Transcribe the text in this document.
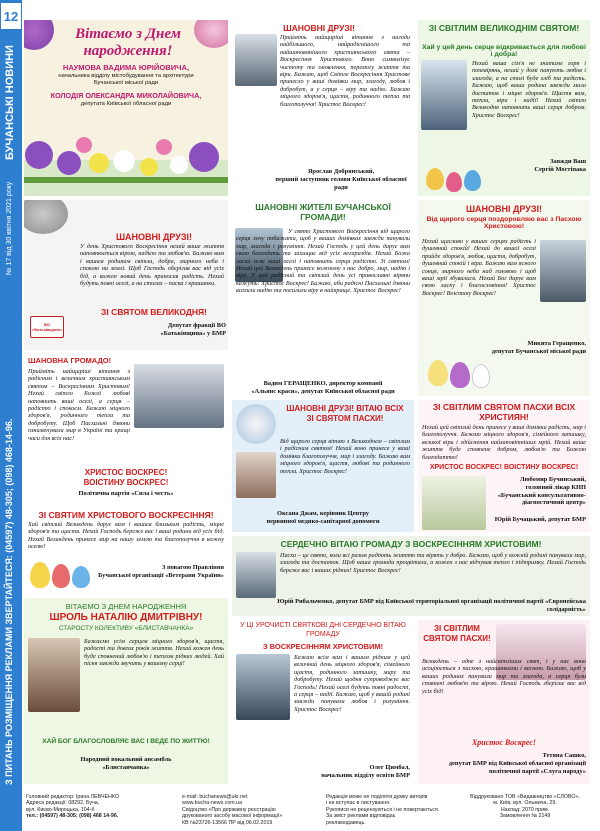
12
БУЧАНСЬКІ НОВИНИ
№ 17 від 30 квітня 2021 року
З ПИТАНЬ РОЗМІЩЕННЯ РЕКЛАМИ ЗВЕРТАЙТЕСЯ: (04597) 48-305; (098) 468-14-96.

Вітаємо з Днем народження!

НАУМОВА ВАДИМА ЮРІЙОВИЧА,

начальника відділу містобудування та архітектури Бучанської міської ради

КОЛОДІЯ ОЛЕКСАНДРА МИКОЛАЙОВИЧА,

депутата Київської обласної ради

ШАНОВНІ ДРУЗІ!

Прийміть найщиріші вітання з нагоди найбільшого, найрадіснішого та найшанованішого християнського свята – Воскресіння Христового. Воно символізує чистоту та оновлення, перемогу життя та віри. Бажаю, щоб Світле Воскресіння Христове принесло у ваші домівки мир, злагоду, любов і добробут, а у серця – віру та надію. Бажаю міцного здоров'я, щастя, родинного тепла та благополуччя! Христос Воскрес!

Ярослав Добрянський,

перший заступник голови Київської обласної ради

ЗІ СВІТЛИМ ВЕЛИКОДНІМ СВЯТОМ!

Хай у цей день серце відкривається для любові і добра!

Нехай ваша сім'я не знатиме горя і поневірянь, нехай у домі панують любов і злагода, а на столі буде хліб та радість. Бажаю, щоб ваша родина завжди мала достаток і міцне здоров'я. Щастя вам, тепла, віри і надії! Нехай світло Великодня наповнить ваші серця добром. Христос Воскрес!

Завжди Ваш

Сергій Мостіпака

ШАНОВНІ ДРУЗІ!

У день Христового Воскресіння нехай ваше життя наповнюється вірою, надією та любов'ю. Бажаю вам і вашим родинам світла, добра, мирного неба і спокою на землі. Щоб Господь оберігав вас від усіх бід, а кожен новий день приносив радість. Нехай будуть повні оселі, а на столах – паска і крашанки.

ЗІ СВЯТОМ ВЕЛИКОДНЯ!

ВО «Батьківщина»

Депутат фракції ВО «Батьківщина» у БМР

ШАНОВНІ ЖИТЕЛІ БУЧАНСЬКОЇ ГРОМАДИ!

У свято Христового Воскресіння від щирого серця хочу побажати, щоб у ваших домівках завжди панували мир, злагода і розуміння. Нехай Господь у цей день дарує вам свою благодать та захищає від усіх негараздів. Нехай Божа ласка осяє ваші оселі і наповнить серця радістю. Зі святом! Нехай цей Великдень принесе кожному з нас добро, мир, надію і віру. У цей радісний та світлий день усі православні віряни кажуть: Христос Воскрес! Бажаю, аби радісні Пасхальні дзвони вселили надію та посилили віру в найкраще. Христос Воскрес!

Вадим ГЕРАЩЕНКО, директор компанії

«Альянс краси», депутат Київської обласної ради

ШАНОВНІ ДРУЗІ!

Від щирого серця поздоровляю вас з Пасхою Христовою!

Нехай щасливо у ваших серцях радість і душевний спокій! Нехай до вашої оселі прийде здоров'я, любов, щастя, добробут, душевний спокій і віра. Бажаю вам ясного сонця, мирного неба над головою і щоб ваші мрії збувалися. Нехай Бог дарує вам свою ласку і благословіння! Христос Воскрес! Воістину Воскрес!

Микита Геращенко,

депутат Бучанської міської ради

ШАНОВНА ГРОМАДО!

Прийміть найщиріші вітання з радісним і величним християнським святом – Воскресінням Христовим! Нехай світло Божої любові наповнить ваші оселі, а серця – радістю і спокоєм. Бажаю міцного здоров'я, родинного тепла та добробуту. Щоб Пасхальні дзвони ознаменували мир в Україні та кращі часи для всіх нас!

ХРИСТОС ВОСКРЕС!

ВОІСТИНУ ВОСКРЕС!

Політична партія «Сила і честь»

ШАНОВНІ ДРУЗІ! ВІТАЮ ВСІХ ЗІ СВЯТОМ ПАСХИ!

Від щирого серця вітаю з Великоднем – світлим і радісним святом! Нехай воно принесе у ваші домівки благополуччя, мир і злагоду. Бажаю вам міцного здоров'я, щастя, любові та родинного тепла. Христос Воскрес!

Оксана Джам, керівник Центру

первинної медико-санітарної допомоги

ЗІ СВІТЛИМ СВЯТОМ ПАСХИ ВСІХ ХРИСТИЯН!

Нехай цей світлий день принесе у ваші домівки радість, мир і благополуччя. Бажаю міцного здоров'я, сімейного затишку, великої віри і здійснення найзаповітніших мрій. Нехай ваше життя буде сповнене добром, любов'ю та Божою благодаттю!

ХРИСТОС ВОСКРЕС! ВОІСТИНУ ВОСКРЕС!

Любомир Бучинський,

головний лікар КНП «Бучанський консультативно-діагностичний центр»

Юрій Бучацький, депутат БМР

ЗІ СВЯТИМ ХРИСТОВОГО ВОСКРЕСІННЯ!

Хай світлий Великдень дарує вам і вашим близьким радість, міцне здоров'я та щастя. Нехай Господь береже вас і ваші родини від усіх бід. Нехай Великдень принесе мир на нашу землю та благополуччя в кожну оселю!

З повагою Правління

Бучанської організації «Ветерани України»

СЕРДЕЧНО ВІТАЮ ГРОМАДУ З ВОСКРЕСІННЯМ ХРИСТОВИМ!

Пасха – це свято, коли всі разом радіють життю та вірять у добро. Бажаю, щоб у кожній родині панували мир, злагода та достаток. Щоб наша громада процвітала, а кожен з нас відчував тепло і підтримку. Нехай Господь береже вас і ваших рідних! Христос Воскрес!

Юрій Рибальченко, депутат БМР від Київської територіальної організації політичної партії «Європейська солідарність»

ВІТАЄМО З ДНЕМ НАРОДЖЕННЯ

ШРОЛЬ НАТАЛІЮ ДМИТРІВНУ!

СТАРОСТУ КОЛЕКТИВУ «БЛИСТАВЧАНКА»

Бажаємо усім серцем міцного здоров'я, щастя, радості та довгих років життя. Нехай кожен день буде сповнений любов'ю і теплом рідних людей. Хай пісня завжди звучить у вашому серці!

ХАЙ БОГ БЛАГОСЛОВЛЯЄ ВАС І ВЕДЕ ПО ЖИТТЮ!

Народний вокальний ансамбль

«Блиставчанка»

У ЦІ УРОЧИСТІ СВЯТКОВІ ДНІ СЕРДЕЧНО ВІТАЮ ГРОМАДУ

З ВОСКРЕСІННЯМ ХРИСТОВИМ!

Бажаю всім вам і вашим рідним у цей величний день міцного здоров'я, сімейного щастя, родинного затишку, миру та добробуту. Нехай щодня супроводжує вас Господь! Нехай оселі будуть повні радості, а серця – надії. Бажаю, щоб у вашій родині завжди панували любов і розуміння. Христос Воскрес!

Олег Цимбал,

начальник відділу освіти БМР

ЗІ СВІТЛИМ СВЯТОМ ПАСХИ!

Великдень – одне з найсвітліших свят, і у нас воно асоціюється з пасхою, крашанками і весною. Бажаю, щоб у ваших родинах панували мир та злагода, а серця були сповнені любов'ю та вірою. Нехай Господь зберігає вас від усіх бід!

Христос Воскрес!

Тетяна Сашко,

депутат БМР від Київської обласної організації політичної партії «Слуга народу»

Головний редактор: Ірина ЛЕВЧЕНКО
Адреса редакції: 08292, Буча,
вул. Києво-Мироцька, 104-б
тел.: (04597) 48-305; (098) 468 14-96.
e-mail: buchanews@ukr.net
www.bucha-news.com.ua
Свідоцтво «Про державну реєстрацію
друкованого засобу масової інформації»
КВ №23726-13566 ПР від 06.02.2019
Редакція може не поділяти думку авторів
і не вступає в листування.
Рукописи не рецензуються і не повертаються.
За зміст реклами відповідає
рекламодавець.
Віддруковано ТОВ «Видавництво «СЛОВО»,
м. Київ, вул. Ольжича, 29.
Наклад: 2070 прим.
Замовлення № 2149
